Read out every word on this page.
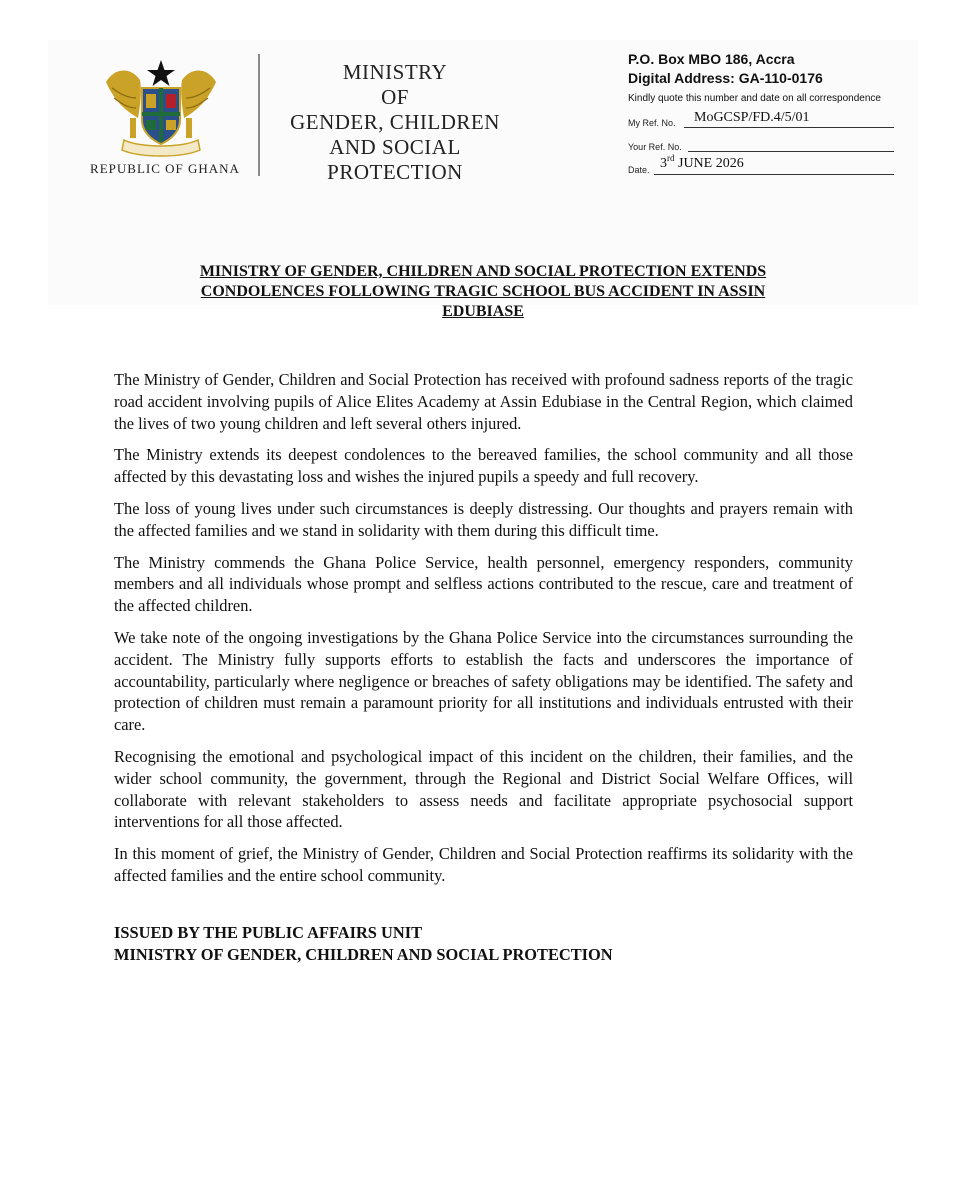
REPUBLIC OF GHANA
MINISTRY
OF
GENDER, CHILDREN
AND SOCIAL
PROTECTION
P.O. Box MBO 186, Accra
Digital Address: GA-110-0176
Kindly quote this number and date on all correspondence
My Ref. No. MoGCSP/FD.4/5/01
Your Ref. No.
Date. 3rd JUNE 2026
MINISTRY OF GENDER, CHILDREN AND SOCIAL PROTECTION EXTENDS
CONDOLENCES FOLLOWING TRAGIC SCHOOL BUS ACCIDENT IN ASSIN
EDUBIASE

The Ministry of Gender, Children and Social Protection has received with profound sadness reports of the tragic road accident involving pupils of Alice Elites Academy at Assin Edubiase in the Central Region, which claimed the lives of two young children and left several others injured.

The Ministry extends its deepest condolences to the bereaved families, the school community and all those affected by this devastating loss and wishes the injured pupils a speedy and full recovery.

The loss of young lives under such circumstances is deeply distressing. Our thoughts and prayers remain with the affected families and we stand in solidarity with them during this difficult time.

The Ministry commends the Ghana Police Service, health personnel, emergency responders, community members and all individuals whose prompt and selfless actions contributed to the rescue, care and treatment of the affected children.

We take note of the ongoing investigations by the Ghana Police Service into the circumstances surrounding the accident. The Ministry fully supports efforts to establish the facts and underscores the importance of accountability, particularly where negligence or breaches of safety obligations may be identified. The safety and protection of children must remain a paramount priority for all institutions and individuals entrusted with their care.

Recognising the emotional and psychological impact of this incident on the children, their families, and the wider school community, the government, through the Regional and District Social Welfare Offices, will collaborate with relevant stakeholders to assess needs and facilitate appropriate psychosocial support interventions for all those affected.

In this moment of grief, the Ministry of Gender, Children and Social Protection reaffirms its solidarity with the affected families and the entire school community.

ISSUED BY THE PUBLIC AFFAIRS UNIT
MINISTRY OF GENDER, CHILDREN AND SOCIAL PROTECTION
